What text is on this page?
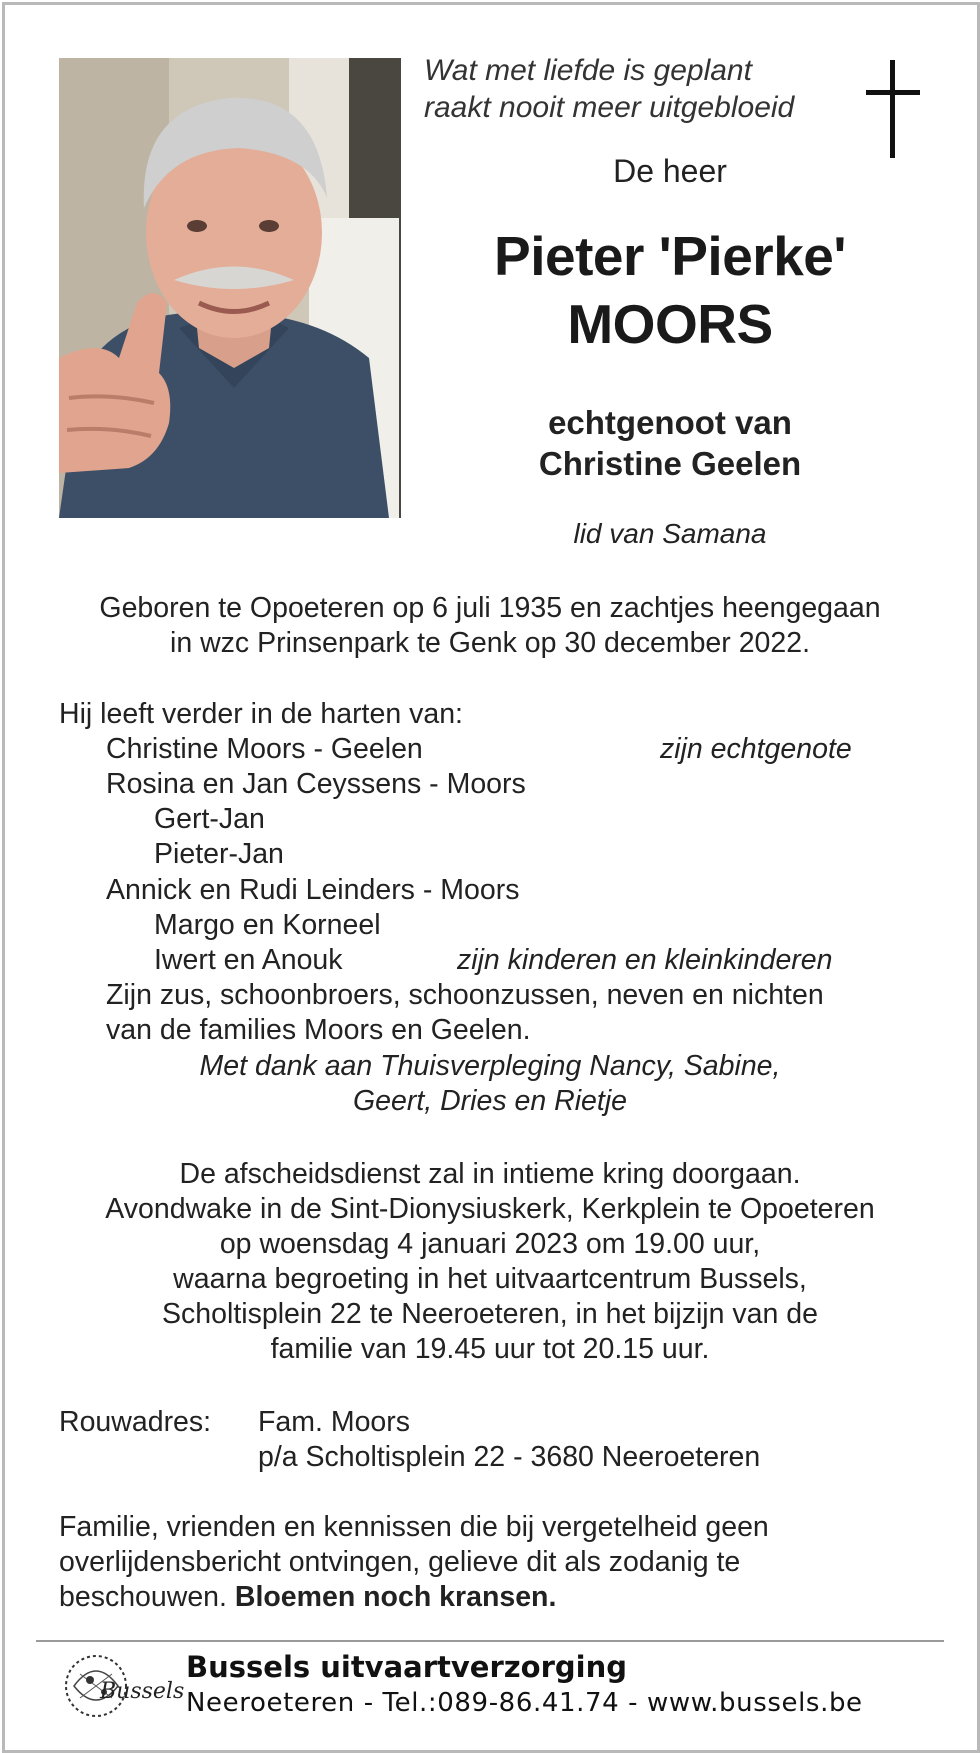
Wat met liefde is geplant
raakt nooit meer uitgebloeid
De heer
Pieter 'Pierke'
MOORS
echtgenoot van
Christine Geelen
lid van Samana
Geboren te Opoeteren op 6 juli 1935 en zachtjes heengegaan
in wzc Prinsenpark te Genk op 30 december 2022.
Hij leeft verder in de harten van:
Christine Moors - Geelen	zijn echtgenote
Rosina en Jan Ceyssens - Moors
Gert-Jan
Pieter-Jan
Annick en Rudi Leinders - Moors
Margo en Korneel
Iwert en Anouk	zijn kinderen en kleinkinderen
Zijn zus, schoonbroers, schoonzussen, neven en nichten
van de families Moors en Geelen.
Met dank aan Thuisverpleging Nancy, Sabine,
Geert, Dries en Rietje
De afscheidsdienst zal in intieme kring doorgaan.
Avondwake in de Sint-Dionysiuskerk, Kerkplein te Opoeteren
op woensdag 4 januari 2023 om 19.00 uur,
waarna begroeting in het uitvaartcentrum Bussels,
Scholtisplein 22 te Neeroeteren, in het bijzijn van de
familie van 19.45 uur tot 20.15 uur.
Rouwadres: Fam. Moors
p/a Scholtisplein 22 - 3680 Neeroeteren
Familie, vrienden en kennissen die bij vergetelheid geen
overlijdensbericht ontvingen, gelieve dit als zodanig te
beschouwen. Bloemen noch kransen.
Bussels
Bussels uitvaartverzorging
Neeroeteren - Tel.:089-86.41.74 - www.bussels.be
